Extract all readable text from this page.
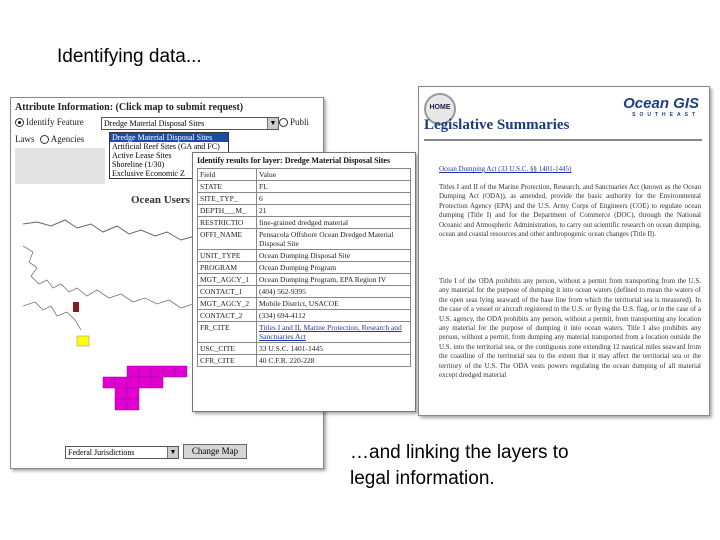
Identifying data...
Attribute Information: (Click map to submit request)
Identify Feature	Dredge Material Disposal Sites	▼	Publi
Laws Agencies
Ocean Users
Dredge Material Disposal Sites
Artificial Reef Sites (GA and FC)
Active Lease Sites
Shoreline (1/30)
Exclusive Economic Z
Federal Jurisdictions	▼	Change Map
Identify results for layer: Dredge Material Disposal Sites
Field	Value
STATE	FL
SITE_TYP_	6
DEPTH___M_	21
RESTRICTIO	fine-grained dredged material
OFFI_NAME	Pensacola Offshore Ocean Dredged Material Disposal Site
UNIT_TYPE	Ocean Dumping Disposal Site
PROGRAM	Ocean Dumping Program
MGT_AGCY_1	Ocean Dumping Program, EPA Region IV
CONTACT_1	(404) 562-9395
MGT_AGCY_2	Mobile District, USACOE
CONTACT_2	(334) 694-4112
FR_CITE	Titles I and II, Marine Protection, Research and Sanctuaries Act
USC_CITE	33 U.S.C. 1401-1445
CFR_CITE	40 C.F.R. 220-228
HOME	Ocean GIS
SOUTHEAST
Legislative Summaries
Ocean Dumping Act (33 U.S.C. §§ 1401-1445)
Titles I and II of the Marine Protection, Research, and Sanctuaries Act (known as the Ocean Dumping Act (ODA)), as amended, provide the basic authority for the Environmental Protection Agency (EPA) and the U.S. Army Corps of Engineers (COE) to regulate ocean dumping (Title I) and for the Department of Commerce (DOC), through the National Oceanic and Atmospheric Administration, to carry out scientific research on ocean dumping, ocean and coastal resources and other anthropogenic ocean changes (Title II).
Title I of the ODA prohibits any person, without a permit from transporting from the U.S. any material for the purpose of dumping it into ocean waters (defined to mean the waters of the open seas lying seaward of the base line from which the territorial sea is measured). In the case of a vessel or aircraft registered in the U.S. or flying the U.S. flag, or in the case of a U.S. agency, the ODA prohibits any person, without a permit, from transporting any location any material for the purpose of dumping it into ocean waters. Title I also prohibits any person, without a permit, from dumping any material transported from a location outside the U.S. into the territorial sea, or the contiguous zone extending 12 nautical miles seaward from the coastline of the territorial sea to the extent that it may affect the territorial sea or the territory of the U.S. The ODA vests powers regulating the ocean dumping of all material except dredged material
…and linking the layers to
legal information.
